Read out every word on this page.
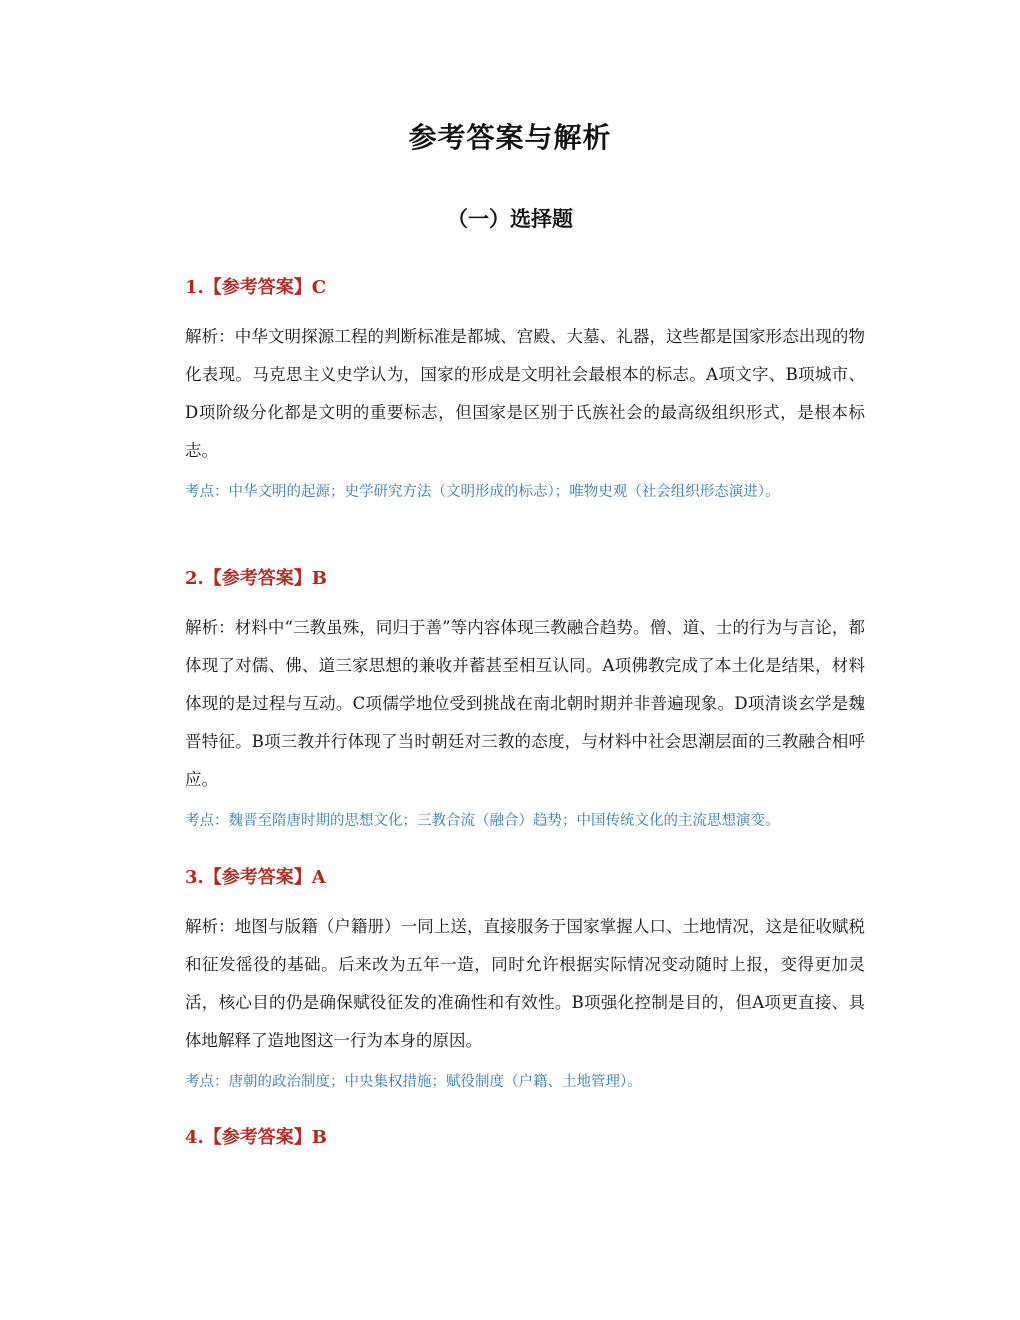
参考答案与解析
（一）选择题

1.【参考答案】C

解析：中华文明探源工程的判断标准是都城、宫殿、大墓、礼器，这些都是国家形态出现的物化表现。马克思主义史学认为，国家的形成是文明社会最根本的标志。A项文字、B项城市、D项阶级分化都是文明的重要标志，但国家是区别于氏族社会的最高级组织形式，是根本标志。

考点：中华文明的起源；史学研究方法（文明形成的标志）；唯物史观（社会组织形态演进）。

2.【参考答案】B

解析：材料中“三教虽殊，同归于善”等内容体现三教融合趋势。僧、道、士的行为与言论，都体现了对儒、佛、道三家思想的兼收并蓄甚至相互认同。A项佛教完成了本土化是结果，材料体现的是过程与互动。C项儒学地位受到挑战在南北朝时期并非普遍现象。D项清谈玄学是魏晋特征。B项三教并行体现了当时朝廷对三教的态度，与材料中社会思潮层面的三教融合相呼应。

考点：魏晋至隋唐时期的思想文化；三教合流（融合）趋势；中国传统文化的主流思想演变。

3.【参考答案】A

解析：地图与版籍（户籍册）一同上送，直接服务于国家掌握人口、土地情况，这是征收赋税和征发徭役的基础。后来改为五年一造，同时允许根据实际情况变动随时上报，变得更加灵活，核心目的仍是确保赋役征发的准确性和有效性。B项强化控制是目的，但A项更直接、具体地解释了造地图这一行为本身的原因。

考点：唐朝的政治制度；中央集权措施；赋役制度（户籍、土地管理）。

4.【参考答案】B
